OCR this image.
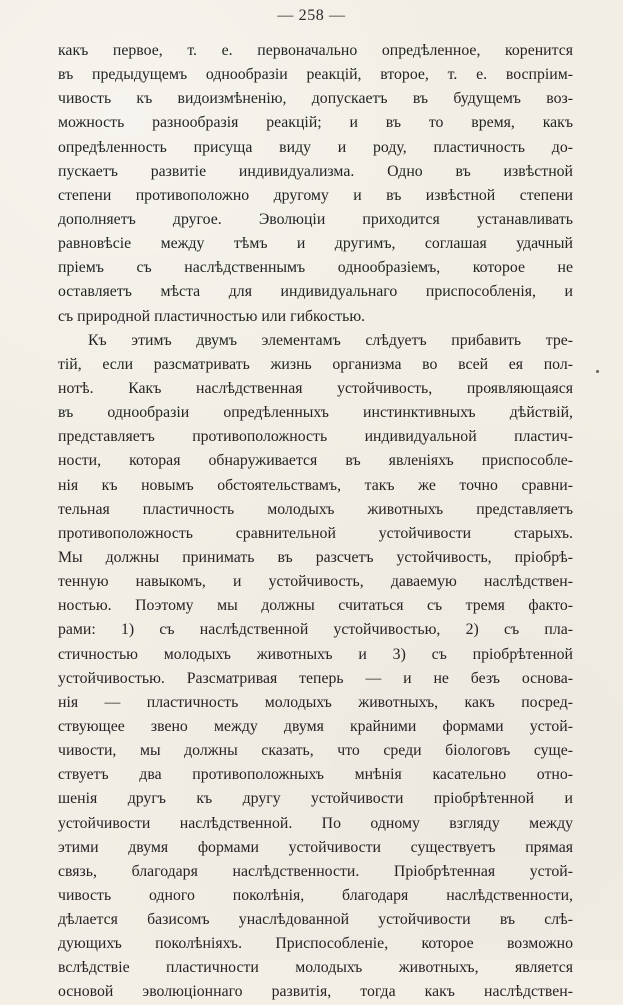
— 258 —
какъ первое, т. е. первоначально опредѣленное, коренится
въ предыдущемъ однообразіи реакцій, второе, т. е. воспріим-
чивость къ видоизмѣненію, допускаетъ въ будущемъ воз-
можность разнообразія реакцій; и въ то время, какъ
опредѣленность присуща виду и роду, пластичность до-
пускаетъ развитіе индивидуализма. Одно въ извѣстной
степени противоположно другому и въ извѣстной степени
дополняетъ другое. Эволюціи приходится устанавливать
равновѣсіе между тѣмъ и другимъ, соглашая удачный
пріемъ съ наслѣдственнымъ однообразіемъ, которое не
оставляетъ мѣста для индивидуальнаго приспособленія, и
съ природной пластичностью или гибкостью.
Къ этимъ двумъ элементамъ слѣдуетъ прибавить тре-
тій, если разсматривать жизнь организма во всей ея пол-
нотѣ. Какъ наслѣдственная устойчивость, проявляющаяся
въ однообразіи опредѣленныхъ инстинктивныхъ дѣйствій,
представляетъ противоположность индивидуальной пластич-
ности, которая обнаруживается въ явленіяхъ приспособле-
нія къ новымъ обстоятельствамъ, такъ же точно сравни-
тельная пластичность молодыхъ животныхъ представляетъ
противоположность сравнительной устойчивости старыхъ.
Мы должны принимать въ разсчетъ устойчивость, пріобрѣ-
тенную навыкомъ, и устойчивость, даваемую наслѣдствен-
ностью. Поэтому мы должны считаться съ тремя факто-
рами: 1) съ наслѣдственной устойчивостью, 2) съ пла-
стичностью молодыхъ животныхъ и 3) съ пріобрѣтенной
устойчивостью. Разсматривая теперь — и не безъ основа-
нія — пластичность молодыхъ животныхъ, какъ посред-
ствующее звено между двумя крайними формами устой-
чивости, мы должны сказать, что среди біологовъ суще-
ствуетъ два противоположныхъ мнѣнія касательно отно-
шенія другъ къ другу устойчивости пріобрѣтенной и
устойчивости наслѣдственной. По одному взгляду между
этими двумя формами устойчивости существуетъ прямая
связь, благодаря наслѣдственности. Пріобрѣтенная устой-
чивость одного поколѣнія, благодаря наслѣдственности,
дѣлается базисомъ унаслѣдованной устойчивости въ слѣ-
дующихъ поколѣніяхъ. Приспособленіе, которое возможно
вслѣдствіе пластичности молодыхъ животныхъ, является
основой эволюціоннаго развитія, тогда какъ наслѣдствен-
